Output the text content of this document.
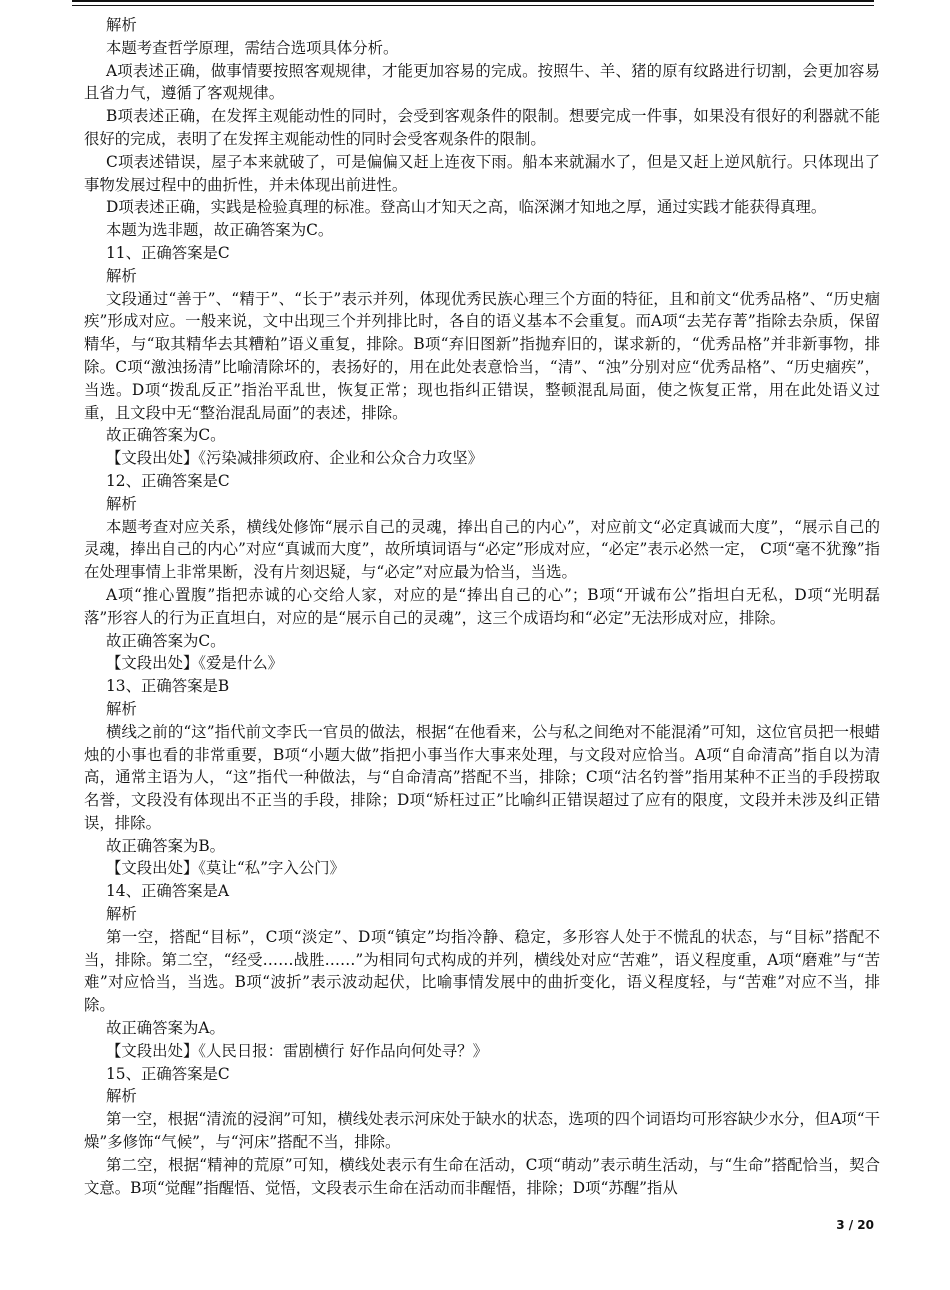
解析

本题考查哲学原理，需结合选项具体分析。

A项表述正确，做事情要按照客观规律，才能更加容易的完成。按照牛、羊、猪的原有纹路进行切割，会更加容易且省力气，遵循了客观规律。

B项表述正确，在发挥主观能动性的同时，会受到客观条件的限制。想要完成一件事，如果没有很好的利器就不能很好的完成，表明了在发挥主观能动性的同时会受客观条件的限制。

C项表述错误，屋子本来就破了，可是偏偏又赶上连夜下雨。船本来就漏水了，但是又赶上逆风航行。只体现出了事物发展过程中的曲折性，并未体现出前进性。

D项表述正确，实践是检验真理的标准。登高山才知天之高，临深渊才知地之厚，通过实践才能获得真理。

本题为选非题，故正确答案为C。

11、正确答案是C

解析

文段通过“善于”、“精于”、“长于”表示并列，体现优秀民族心理三个方面的特征，且和前文“优秀品格”、“历史痼疾”形成对应。一般来说，文中出现三个并列排比时，各自的语义基本不会重复。而A项“去芜存菁”指除去杂质，保留精华，与“取其精华去其糟粕”语义重复，排除。B项“弃旧图新”指抛弃旧的，谋求新的，“优秀品格”并非新事物，排除。C项“激浊扬清”比喻清除坏的，表扬好的，用在此处表意恰当，“清”、“浊”分别对应“优秀品格”、“历史痼疾”，当选。D项“拨乱反正”指治平乱世，恢复正常；现也指纠正错误，整顿混乱局面，使之恢复正常，用在此处语义过重，且文段中无“整治混乱局面”的表述，排除。

故正确答案为C。

【文段出处】《污染减排须政府、企业和公众合力攻坚》

12、正确答案是C

解析

本题考查对应关系，横线处修饰“展示自己的灵魂，捧出自己的内心”，对应前文“必定真诚而大度”，“展示自己的灵魂，捧出自己的内心”对应“真诚而大度”，故所填词语与“必定”形成对应，“必定”表示必然一定， C项“毫不犹豫”指在处理事情上非常果断，没有片刻迟疑，与“必定”对应最为恰当，当选。

A项“推心置腹”指把赤诚的心交给人家，对应的是“捧出自己的心”；B项“开诚布公”指坦白无私，D项“光明磊落”形容人的行为正直坦白，对应的是“展示自己的灵魂”，这三个成语均和“必定”无法形成对应，排除。

故正确答案为C。

【文段出处】《爱是什么》

13、正确答案是B

解析

横线之前的“这”指代前文李氏一官员的做法，根据“在他看来，公与私之间绝对不能混淆”可知，这位官员把一根蜡烛的小事也看的非常重要，B项“小题大做”指把小事当作大事来处理，与文段对应恰当。A项“自命清高”指自以为清高，通常主语为人，“这”指代一种做法，与“自命清高”搭配不当，排除；C项“沽名钓誉”指用某种不正当的手段捞取名誉，文段没有体现出不正当的手段，排除；D项“矫枉过正”比喻纠正错误超过了应有的限度，文段并未涉及纠正错误，排除。

故正确答案为B。

【文段出处】《莫让“私”字入公门》

14、正确答案是A

解析

第一空，搭配“目标”，C项“淡定”、D项“镇定”均指冷静、稳定，多形容人处于不慌乱的状态，与“目标”搭配不当，排除。第二空，“经受……战胜……”为相同句式构成的并列，横线处对应“苦难”，语义程度重，A项“磨难”与“苦难”对应恰当，当选。B项“波折”表示波动起伏，比喻事情发展中的曲折变化，语义程度轻，与“苦难”对应不当，排除。

故正确答案为A。

【文段出处】《人民日报：雷剧横行 好作品向何处寻？》

15、正确答案是C

解析

第一空，根据“清流的浸润”可知，横线处表示河床处于缺水的状态，选项的四个词语均可形容缺少水分，但A项“干燥”多修饰“气候”，与“河床”搭配不当，排除。

第二空，根据“精神的荒原”可知，横线处表示有生命在活动，C项“萌动”表示萌生活动，与“生命”搭配恰当，契合文意。B项“觉醒”指醒悟、觉悟，文段表示生命在活动而非醒悟，排除；D项“苏醒”指从

3 / 20
